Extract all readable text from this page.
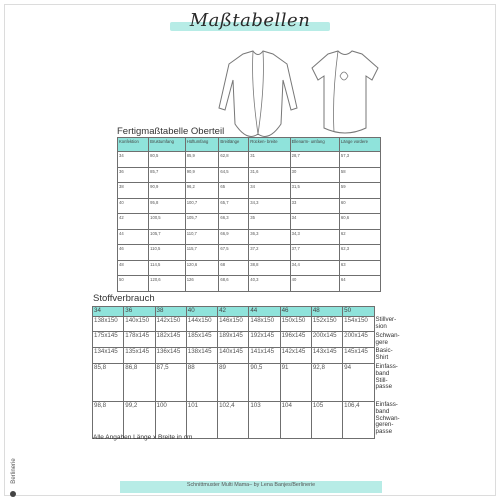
Maßtabellen
Fertigmaßtabelle Oberteil
Konfektion	Brustumfang	Hüftumfang	Breitlänge	Rücken- breite	Ellenarm- umfang	Länge vordere
34	80,5	85,9	62,8	31	28,7	57,3
36	85,7	90,9	64,5	31,6	30	58
38	90,9	96,2	65	34	31,5	59
40	95,8	100,7	65,7	34,3	33	60
42	100,5	105,7	66,3	35	34	60,6
44	105,7	110,7	66,9	36,3	34,3	62
46	110,5	115,7	67,5	37,2	37,7	62,3
48	114,5	120,6	68	38,8	34,4	63
50	120,6	126	68,6	40,3	40	64
Stoffverbrauch
34	36	38	40	42	44	46	48	50	
138x150	140x150	142x150	144x150	146x150	148x150	150x150	152x150	154x150	Stillver-
sion
175x145	178x145	182x145	185x145	189x145	192x145	196x145	200x145	200x145	Schwan-
gere
134x145	135x145	136x145	138x145	140x145	141x145	142x145	143x145	145x145	Basic-
Shirt
85,8	86,8	87,5	88	89	90,5	91	92,8	94	Einfass-
band
Still-
passe
98,8	99,2	100	101	102,4	103	104	105	106,4	Einfass-
band
Schwan-
geren-
passe
Alle Angaben Länge x Breite in cm
Berlinerie
Schnittmuster Multi Mama– by Lena Banjes/Berlinerie
